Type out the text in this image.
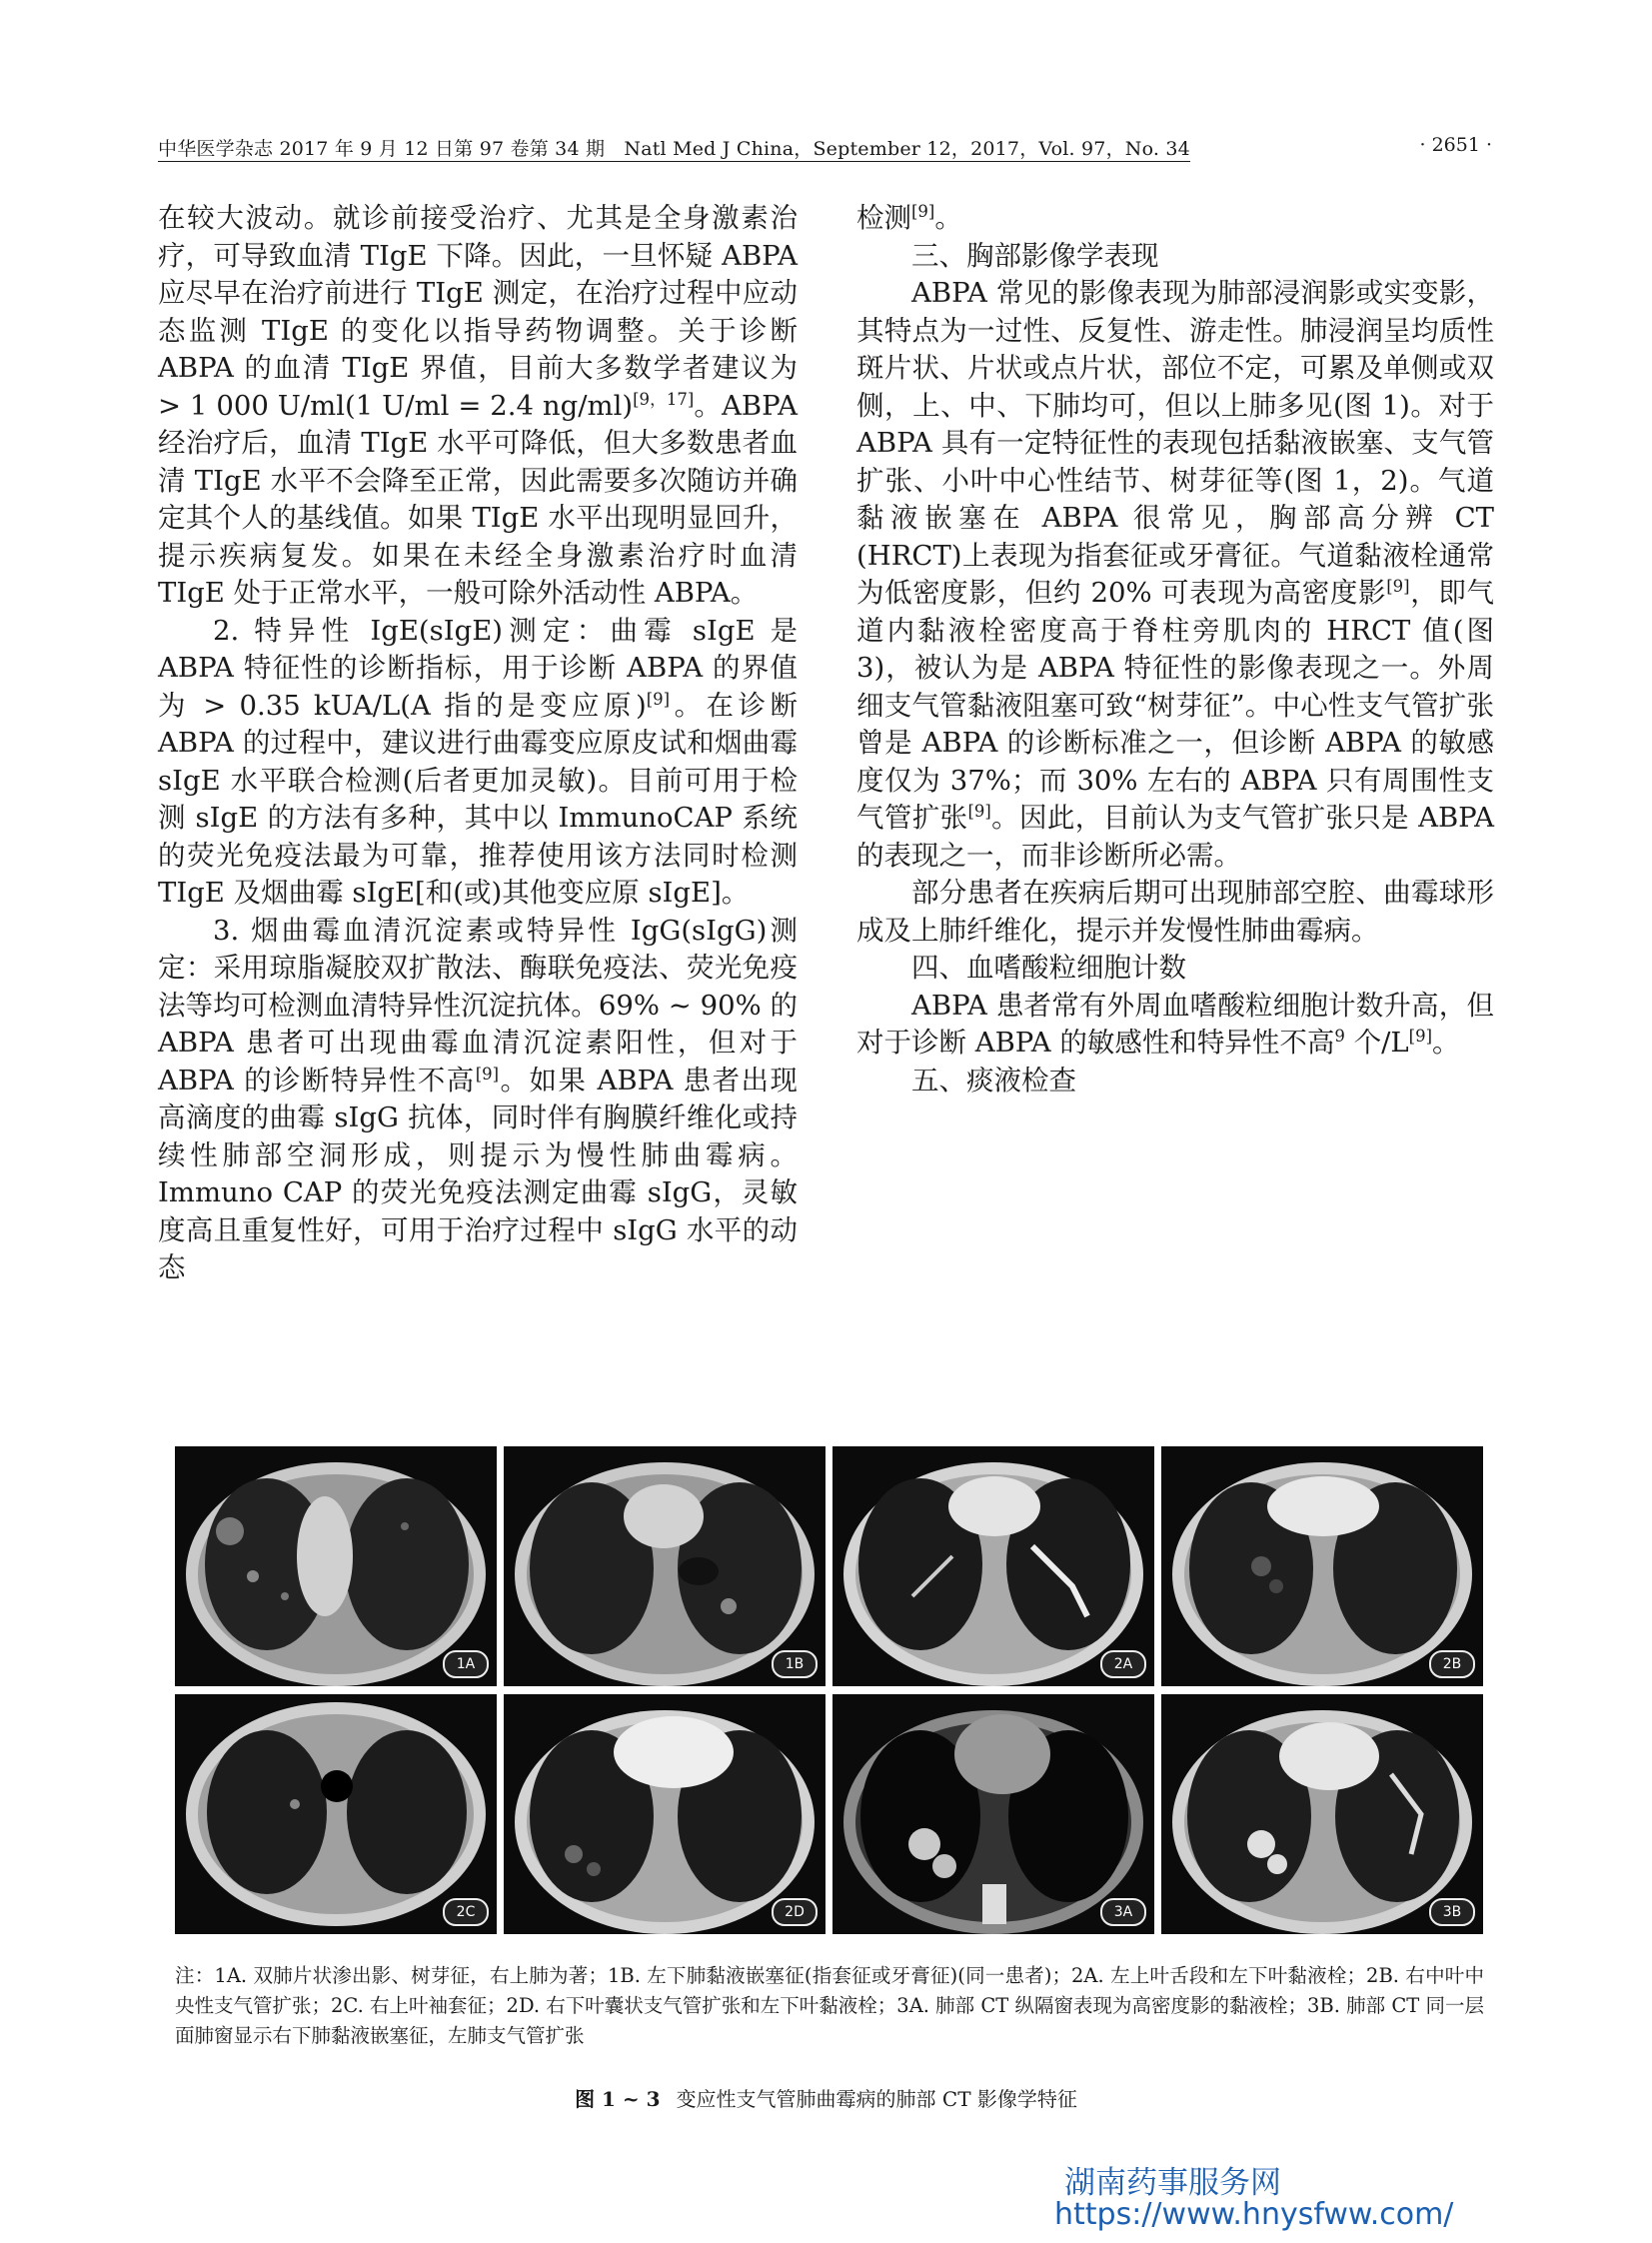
中华医学杂志 2017 年 9 月 12 日第 97 卷第 34 期　Natl Med J China，September 12，2017，Vol. 97，No. 34	· 2651 ·

在较大波动。就诊前接受治疗、尤其是全身激素治疗，可导致血清 TIgE 下降。因此，一旦怀疑 ABPA 应尽早在治疗前进行 TIgE 测定，在治疗过程中应动态监测 TIgE 的变化以指导药物调整。关于诊断 ABPA 的血清 TIgE 界值，目前大多数学者建议为 > 1 000 U/ml(1 U/ml = 2.4 ng/ml)[9，17]。ABPA 经治疗后，血清 TIgE 水平可降低，但大多数患者血清 TIgE 水平不会降至正常，因此需要多次随访并确定其个人的基线值。如果 TIgE 水平出现明显回升，提示疾病复发。如果在未经全身激素治疗时血清 TIgE 处于正常水平，一般可除外活动性 ABPA。

2. 特异性 IgE(sIgE)测定：曲霉 sIgE 是 ABPA 特征性的诊断指标，用于诊断 ABPA 的界值为 > 0.35 kUA/L(A 指的是变应原)[9]。在诊断 ABPA 的过程中，建议进行曲霉变应原皮试和烟曲霉 sIgE 水平联合检测(后者更加灵敏)。目前可用于检测 sIgE 的方法有多种，其中以 ImmunoCAP 系统的荧光免疫法最为可靠，推荐使用该方法同时检测 TIgE 及烟曲霉 sIgE[和(或)其他变应原 sIgE]。

3. 烟曲霉血清沉淀素或特异性 IgG(sIgG)测定：采用琼脂凝胶双扩散法、酶联免疫法、荧光免疫法等均可检测血清特异性沉淀抗体。69% ~ 90% 的 ABPA 患者可出现曲霉血清沉淀素阳性，但对于 ABPA 的诊断特异性不高[9]。如果 ABPA 患者出现高滴度的曲霉 sIgG 抗体，同时伴有胸膜纤维化或持续性肺部空洞形成，则提示为慢性肺曲霉病。Immuno CAP 的荧光免疫法测定曲霉 sIgG，灵敏度高且重复性好，可用于治疗过程中 sIgG 水平的动态

检测[9]。

三、胸部影像学表现

ABPA 常见的影像表现为肺部浸润影或实变影，其特点为一过性、反复性、游走性。肺浸润呈均质性斑片状、片状或点片状，部位不定，可累及单侧或双侧，上、中、下肺均可，但以上肺多见(图 1)。对于 ABPA 具有一定特征性的表现包括黏液嵌塞、支气管扩张、小叶中心性结节、树芽征等(图 1，2)。气道黏液嵌塞在 ABPA 很常见，胸部高分辨 CT (HRCT)上表现为指套征或牙膏征。气道黏液栓通常为低密度影，但约 20% 可表现为高密度影[9]，即气道内黏液栓密度高于脊柱旁肌肉的 HRCT 值(图 3)，被认为是 ABPA 特征性的影像表现之一。外周细支气管黏液阻塞可致“树芽征”。中心性支气管扩张曾是 ABPA 的诊断标准之一，但诊断 ABPA 的敏感度仅为 37%；而 30% 左右的 ABPA 只有周围性支气管扩张[9]。因此，目前认为支气管扩张只是 ABPA 的表现之一，而非诊断所必需。

部分患者在疾病后期可出现肺部空腔、曲霉球形成及上肺纤维化，提示并发慢性肺曲霉病。

四、血嗜酸粒细胞计数

ABPA 患者常有外周血嗜酸粒细胞计数升高，但对于诊断 ABPA 的敏感性和特异性不高$^9$ 个/L[9]。

五、痰液检查

1A	1B	2A	2B
2C	2D	3A	3B
注：1A. 双肺片状渗出影、树芽征，右上肺为著；1B. 左下肺黏液嵌塞征(指套征或牙膏征)(同一患者)；2A. 左上叶舌段和左下叶黏液栓；2B. 右中叶中央性支气管扩张；2C. 右上叶袖套征；2D. 右下叶囊状支气管扩张和左下叶黏液栓；3A. 肺部 CT 纵隔窗表现为高密度影的黏液栓；3B. 肺部 CT 同一层面肺窗显示右下肺黏液嵌塞征，左肺支气管扩张
图 1 ~ 3 变应性支气管肺曲霉病的肺部 CT 影像学特征
湖南药事服务网
https://www.hnysfww.com/
